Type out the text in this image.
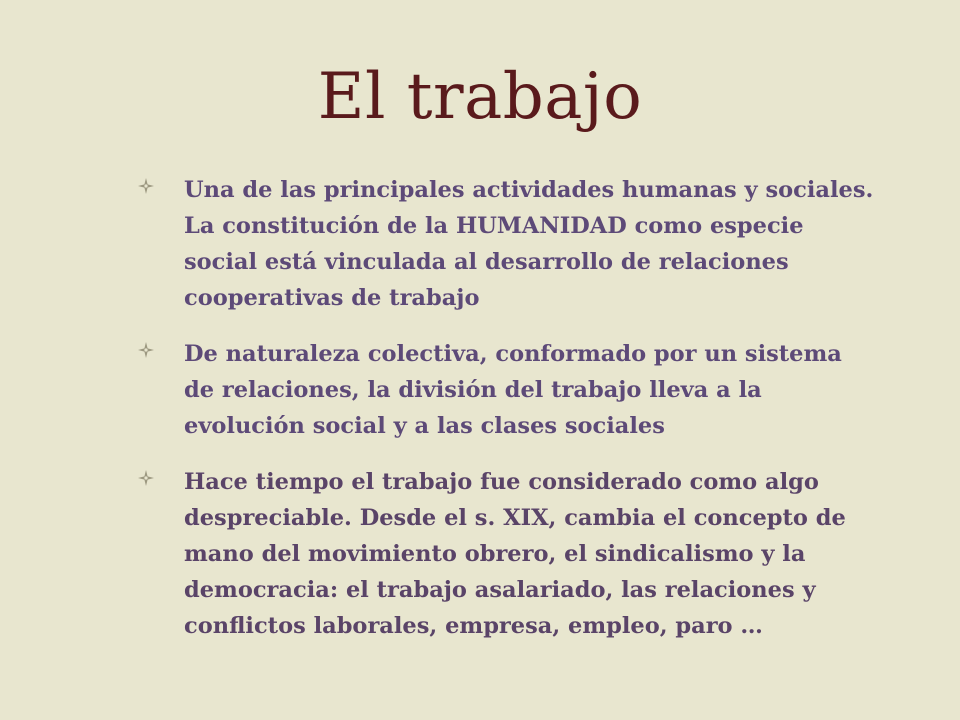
El trabajo
Una de las principales actividades humanas y sociales. La constitución de la HUMANIDAD como especie social está vinculada al desarrollo de relaciones cooperativas de trabajo
De naturaleza colectiva, conformado por un sistema de relaciones, la división del trabajo lleva a la evolución social y a las clases sociales
Hace tiempo el trabajo fue considerado como algo despreciable. Desde el s. XIX, cambia el concepto de mano del movimiento obrero, el sindicalismo y la democracia: el trabajo asalariado, las relaciones y conflictos laborales, empresa, empleo, paro …
